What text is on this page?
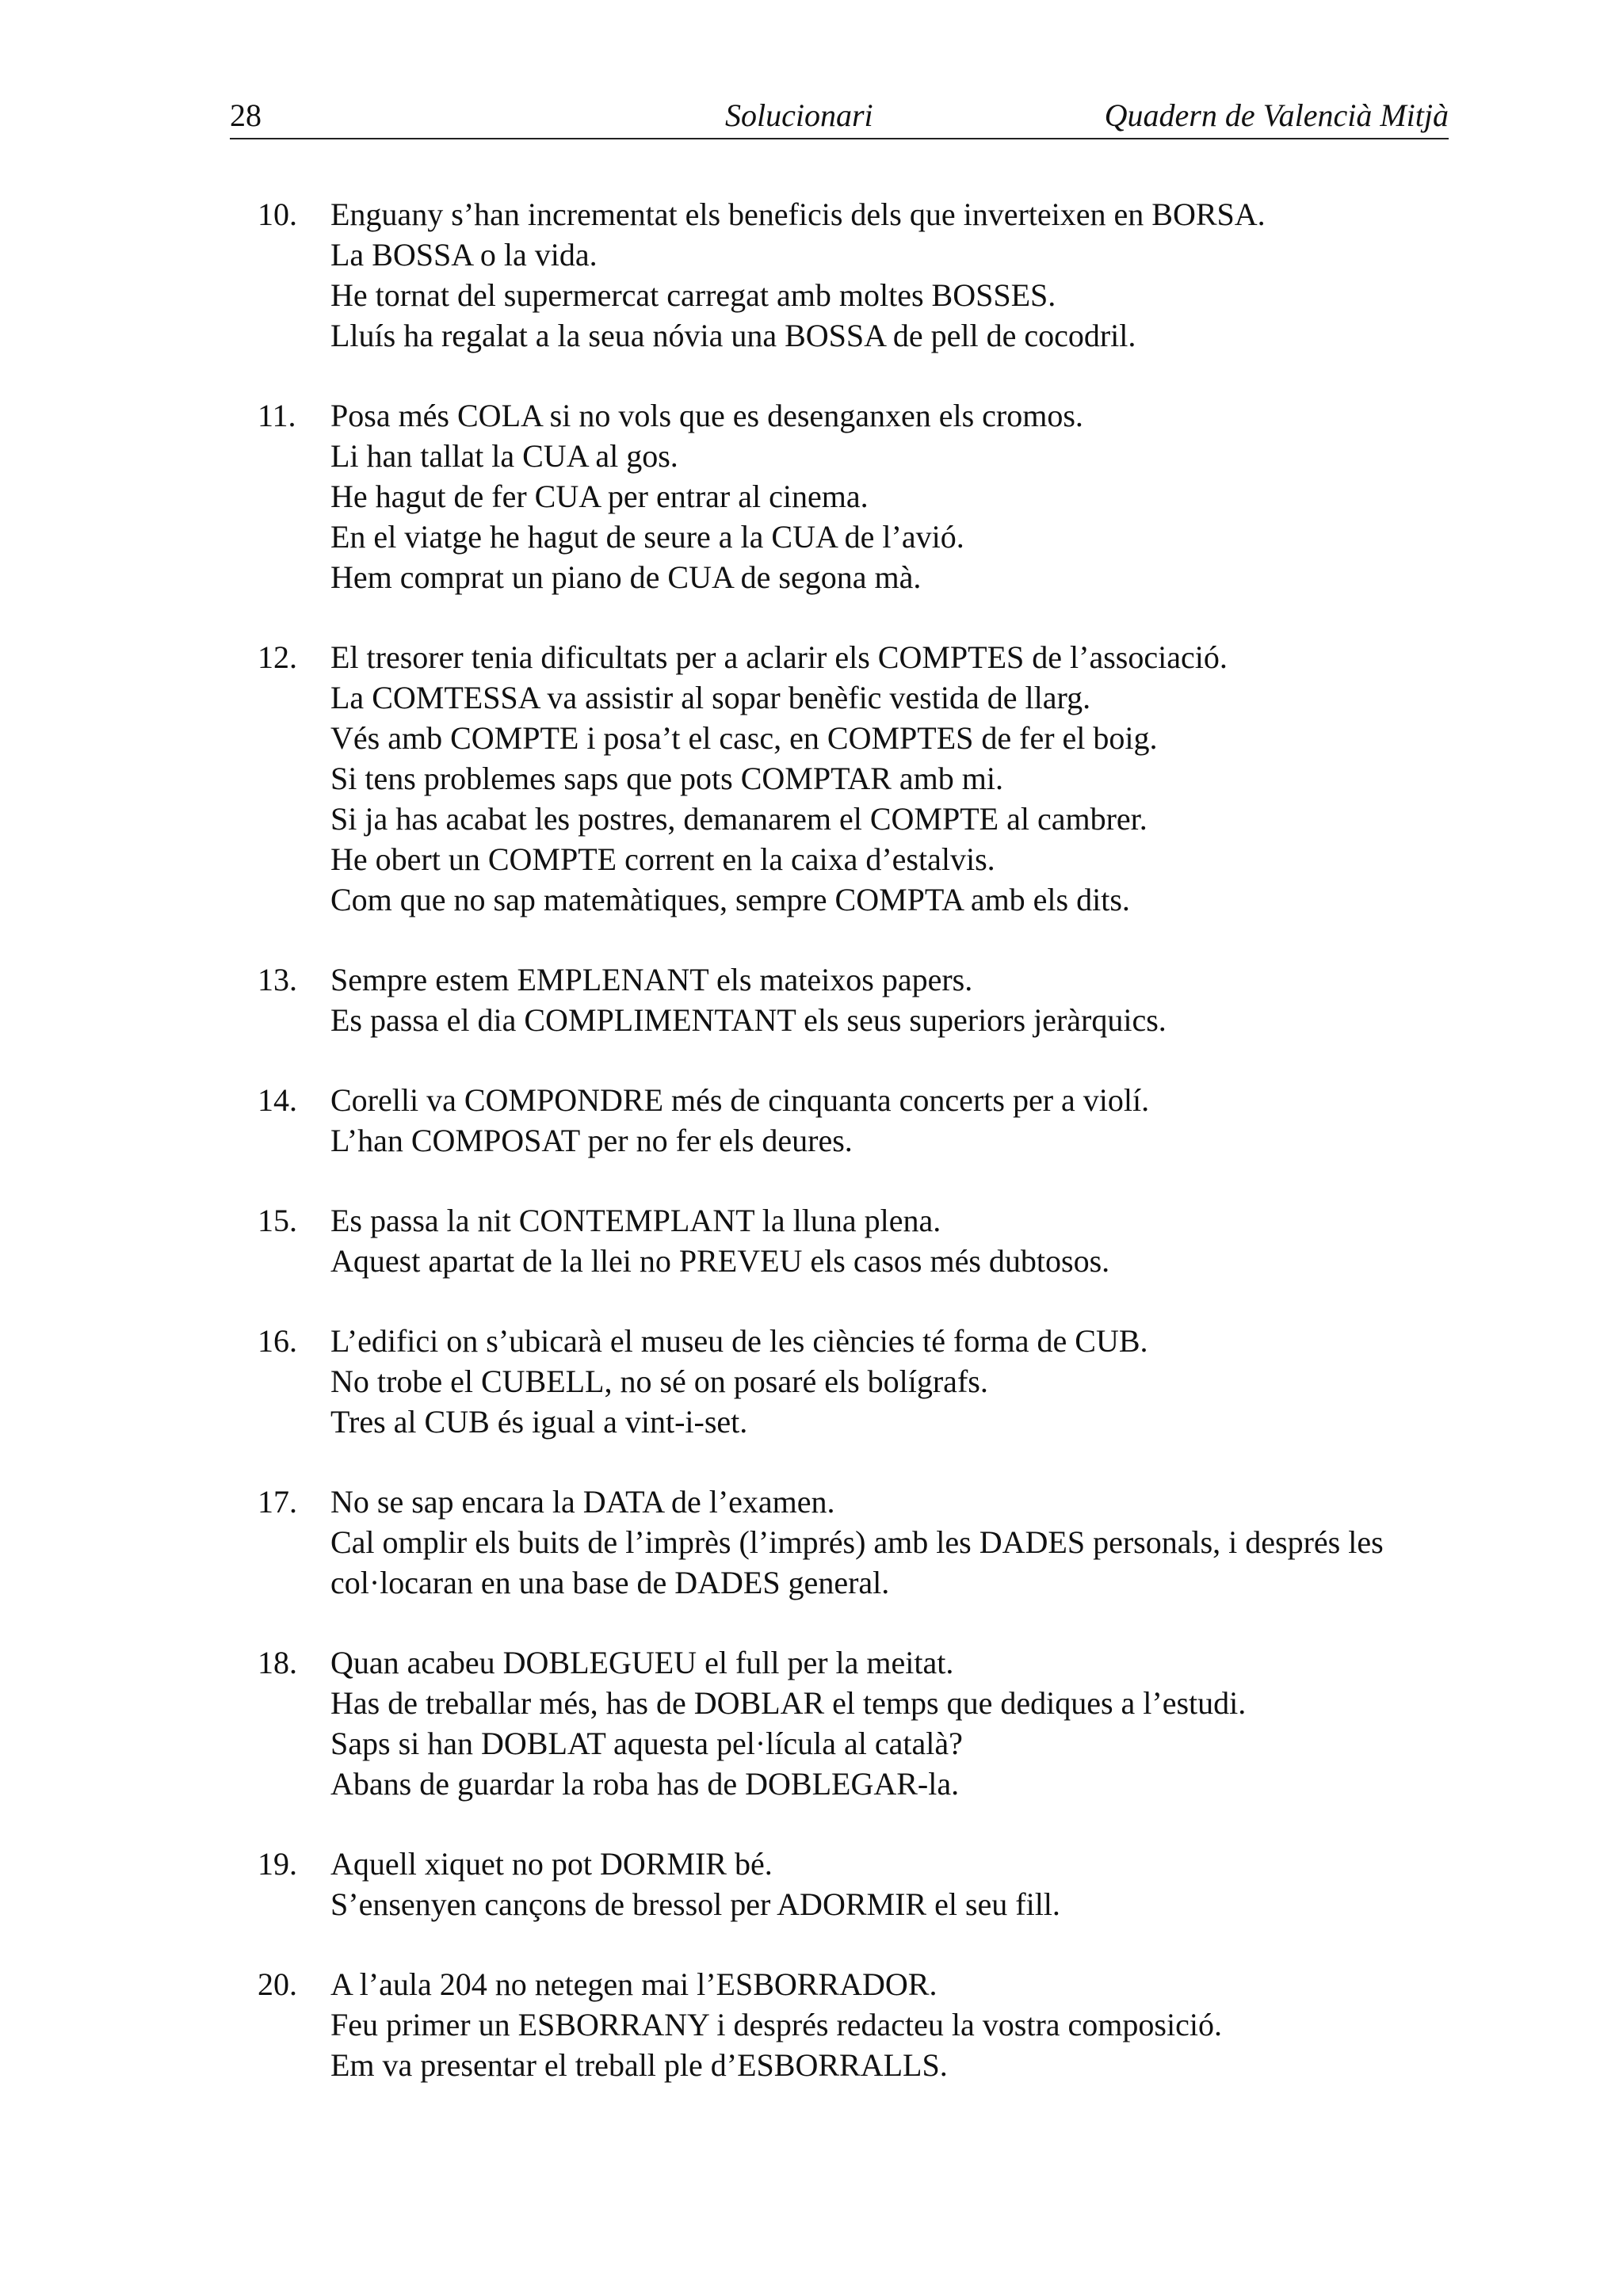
28	Solucionari	Quadern de Valencià Mitjà
10. Enguany s’han incrementat els beneficis dels que inverteixen en BORSA.
La BOSSA o la vida.
He tornat del supermercat carregat amb moltes BOSSES.
Lluís ha regalat a la seua nóvia una BOSSA de pell de cocodril.
11. Posa més COLA si no vols que es desenganxen els cromos.
Li han tallat la CUA al gos.
He hagut de fer CUA per entrar al cinema.
En el viatge he hagut de seure a la CUA de l’avió.
Hem comprat un piano de CUA de segona mà.
12. El tresorer tenia dificultats per a aclarir els COMPTES de l’associació.
La COMTESSA va assistir al sopar benèfic vestida de llarg.
Vés amb COMPTE i posa’t el casc, en COMPTES de fer el boig.
Si tens problemes saps que pots COMPTAR amb mi.
Si ja has acabat les postres, demanarem el COMPTE al cambrer.
He obert un COMPTE corrent en la caixa d’estalvis.
Com que no sap matemàtiques, sempre COMPTA amb els dits.
13. Sempre estem EMPLENANT els mateixos papers.
Es passa el dia COMPLIMENTANT els seus superiors jeràrquics.
14. Corelli va COMPONDRE més de cinquanta concerts per a violí.
L’han COMPOSAT per no fer els deures.
15. Es passa la nit CONTEMPLANT la lluna plena.
Aquest apartat de la llei no PREVEU els casos més dubtosos.
16. L’edifici on s’ubicarà el museu de les ciències té forma de CUB.
No trobe el CUBELL, no sé on posaré els bolígrafs.
Tres al CUB és igual a vint-i-set.
17. No se sap encara la DATA de l’examen.
Cal omplir els buits de l’imprès (l’imprés) amb les DADES personals, i després les
col·locaran en una base de DADES general.
18. Quan acabeu DOBLEGUEU el full per la meitat.
Has de treballar més, has de DOBLAR el temps que dediques a l’estudi.
Saps si han DOBLAT aquesta pel·lícula al català?
Abans de guardar la roba has de DOBLEGAR-la.
19. Aquell xiquet no pot DORMIR bé.
S’ensenyen cançons de bressol per ADORMIR el seu fill.
20. A l’aula 204 no netegen mai l’ESBORRADOR.
Feu primer un ESBORRANY i després redacteu la vostra composició.
Em va presentar el treball ple d’ESBORRALLS.
